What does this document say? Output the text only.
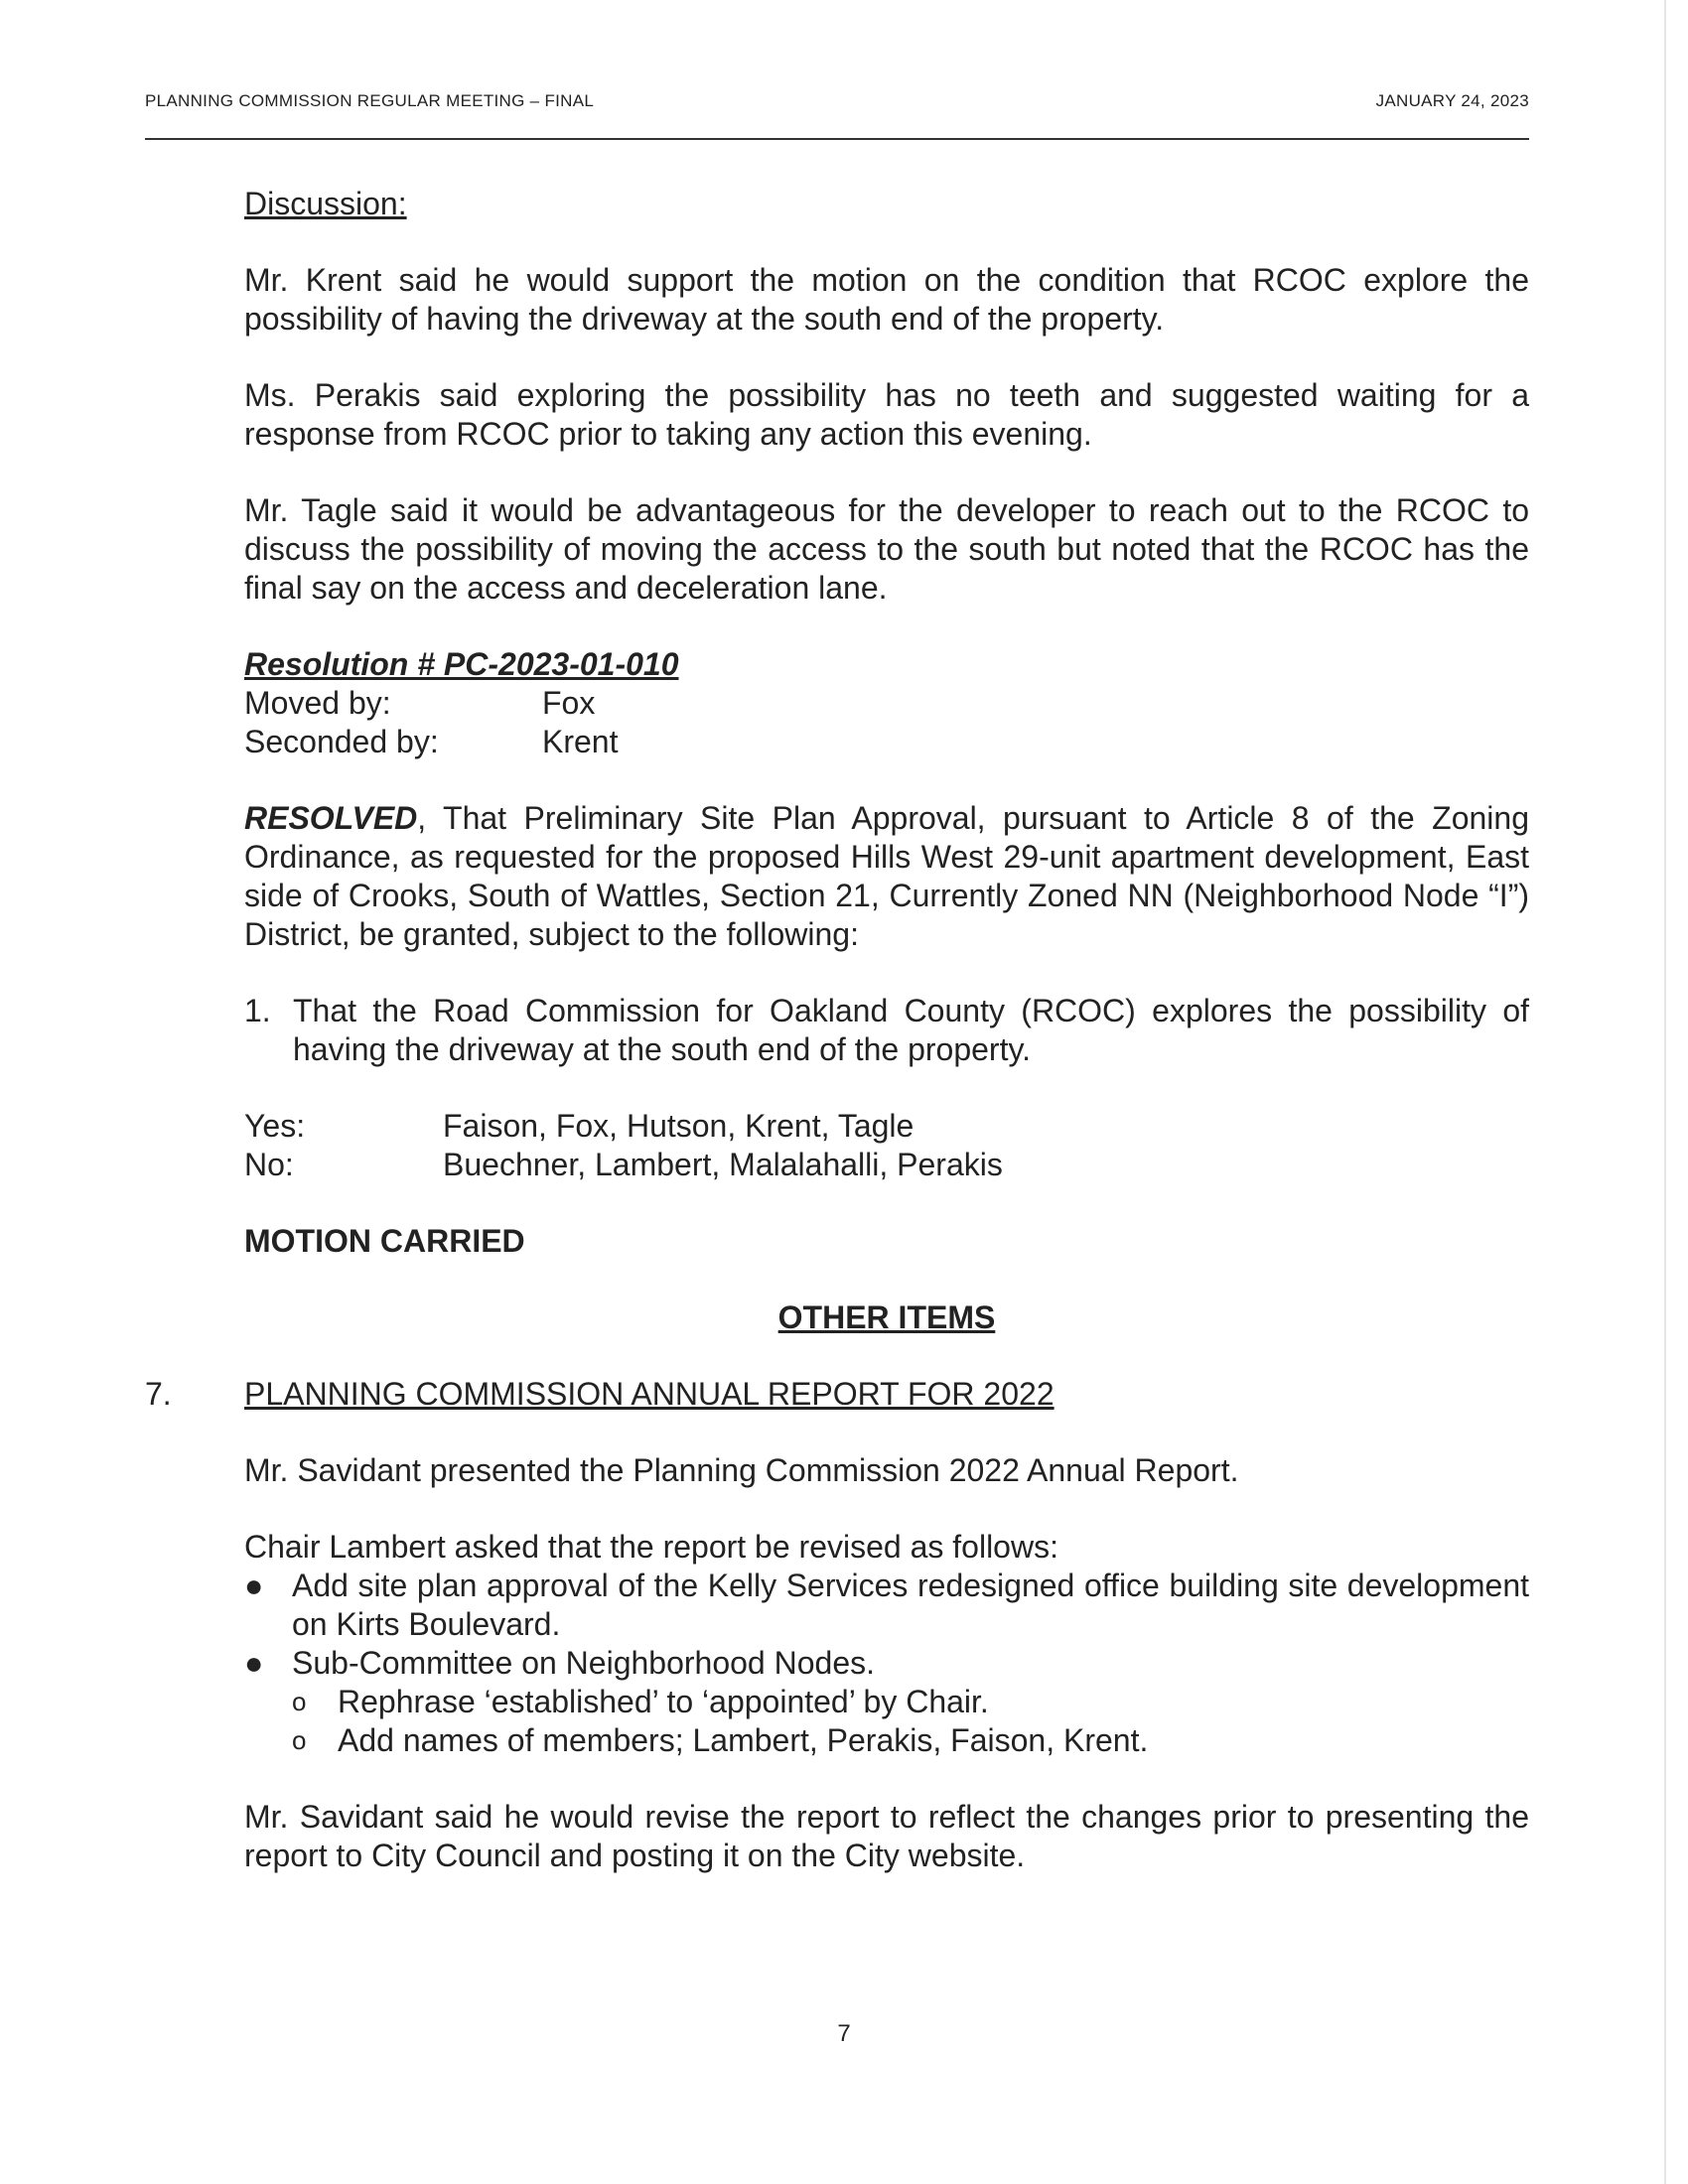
PLANNING COMMISSION REGULAR MEETING – FINAL	JANUARY 24, 2023

Discussion:

Mr. Krent said he would support the motion on the condition that RCOC explore the possibility of having the driveway at the south end of the property.

Ms. Perakis said exploring the possibility has no teeth and suggested waiting for a response from RCOC prior to taking any action this evening.

Mr. Tagle said it would be advantageous for the developer to reach out to the RCOC to discuss the possibility of moving the access to the south but noted that the RCOC has the final say on the access and deceleration lane.

Resolution # PC-2023-01-010
Moved by:	Fox
Seconded by:	Krent

RESOLVED, That Preliminary Site Plan Approval, pursuant to Article 8 of the Zoning Ordinance, as requested for the proposed Hills West 29-unit apartment development, East side of Crooks, South of Wattles, Section 21, Currently Zoned NN (Neighborhood Node “I”) District, be granted, subject to the following:

1. That the Road Commission for Oakland County (RCOC) explores the possibility of having the driveway at the south end of the property.
Yes:	Faison, Fox, Hutson, Krent, Tagle
No:	Buechner, Lambert, Malalahalli, Perakis
MOTION CARRIED
OTHER ITEMS
7.	PLANNING COMMISSION ANNUAL REPORT FOR 2022

Mr. Savidant presented the Planning Commission 2022 Annual Report.

Chair Lambert asked that the report be revised as follows:
● Add site plan approval of the Kelly Services redesigned office building site development on Kirts Boulevard.
● Sub-Committee on Neighborhood Nodes.
o Rephrase ‘established’ to ‘appointed’ by Chair.
o Add names of members; Lambert, Perakis, Faison, Krent.

Mr. Savidant said he would revise the report to reflect the changes prior to presenting the report to City Council and posting it on the City website.

7
